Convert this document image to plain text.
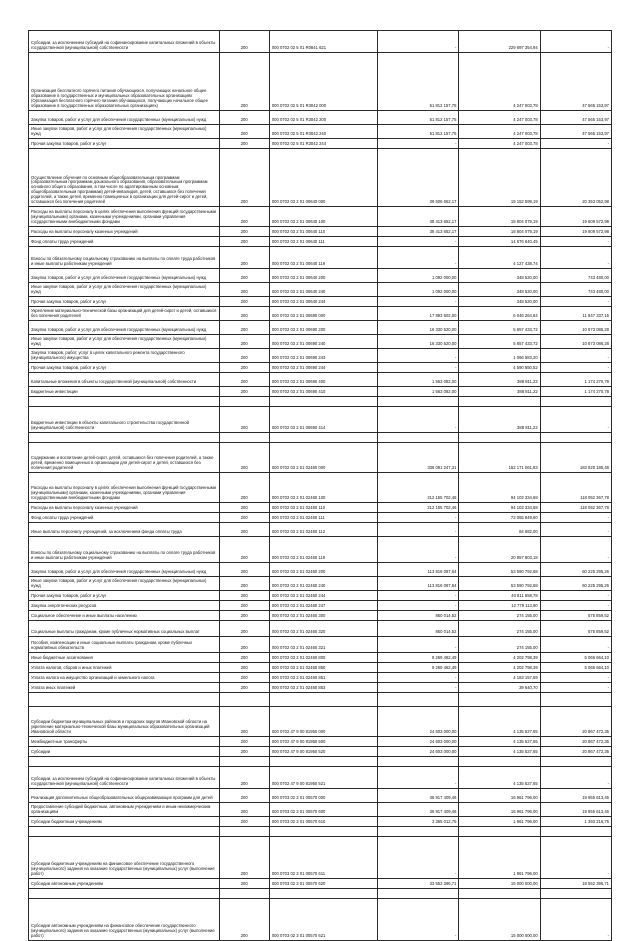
Субсидии, за исключением субсидий на софинансирование капитальных вложений в объекты государственной (муниципальной) собственности	200	000 0702 02 5 01 R0841 621	-	229 697 354,94	-
Организация бесплатного горячего питания обучающихся, получающих начальное общее образование в государственных и муниципальных образовательных организациях (Организация бесплатного горячего питания обучающихся, получающих начальное общее образование в государственных образовательных организациях)	200	000 0702 02 5 01 R3042 000	51 812 157,75	4 247 003,78	47 565 153,97
Закупка товаров, работ и услуг для обеспечения государственных (муниципальных) нужд	200	000 0702 02 5 01 R3042 200	51 812 157,75	4 247 003,78	47 565 153,97
Иные закупки товаров, работ и услуг для обеспечения государственных (муниципальных) нужд	200	000 0702 02 5 01 R3042 240	51 812 157,75	4 247 003,78	47 565 153,97
Прочая закупка товаров, работ и услуг	200	000 0702 02 5 01 R3042 244	-	4 247 003,78	-
Осуществление обучения по основным общеобразовательным программам (образовательным программам дошкольного образования, образовательным программам основного общего образования, в том числе по адаптированным основным общеобразовательным программам) детей-инвалидов, детей, оставшихся без попечения родителей, а также детей, временно помещенных в организации для детей-сирот и детей, оставшихся без попечения родителей	200	000 0702 03 2 01 00640 000	39 506 652,17	19 152 599,19	20 353 052,98
Расходы на выплаты персоналу в целях обеспечения выполнения функций государственными (муниципальными) органами, казенными учреждениями, органами управления государственными внебюджетными фондами	200	000 0702 03 2 01 00640 100	38 413 652,17	18 804 079,19	19 609 572,98
Расходы на выплаты персоналу казенных учреждений	200	000 0702 03 2 01 00640 110	38 413 652,17	18 804 079,19	19 609 572,98
Фонд оплаты труда учреждений	200	000 0702 03 2 01 00640 111	-	14 676 640,45	-
Взносы по обязательному социальному страхованию на выплаты по оплате труда работников и иные выплаты работникам учреждений	200	000 0702 03 2 01 00640 119	-	4 127 438,74	-
Закупка товаров, работ и услуг для обеспечения государственных (муниципальных) нужд	200	000 0702 03 2 01 00640 200	1 092 000,00	348 520,00	743 480,00
Иные закупки товаров, работ и услуг для обеспечения государственных (муниципальных) нужд	200	000 0702 03 2 01 00640 240	1 092 000,00	348 520,00	743 480,00
Прочая закупка товаров, работ и услуг	200	000 0702 03 2 01 00640 244	-	348 520,00	-
Укрепление материально-технической базы организаций для детей-сирот и детей, оставшихся без попечения родителей	200	000 0702 03 2 01 00690 000	17 893 602,00	6 046 264,84	11 847 337,16
Закупка товаров, работ и услуг для обеспечения государственных (муниципальных) нужд	200	000 0702 03 2 01 00690 200	16 330 520,00	5 657 433,72	10 673 086,28
Иные закупки товаров, работ и услуг для обеспечения государственных (муниципальных) нужд	200	000 0702 03 2 01 00690 240	16 330 520,00	5 657 433,72	10 673 086,28
Закупка товаров, работ, услуг в целях капитального ремонта государственного (муниципального) имущества	200	000 0702 03 2 01 00690 243	-	1 066 583,20	-
Прочая закупка товаров, работ и услуг	200	000 0702 03 2 01 00690 244	-	4 590 850,52	-
Капитальные вложения в объекты государственной (муниципальной) собственности	200	000 0702 03 2 01 00690 400	1 563 082,00	388 811,22	1 174 270,78
Бюджетные инвестиции	200	000 0702 03 2 01 00690 410	1 563 082,00	388 811,22	1 174 270,78

Бюджетные инвестиции в объекты капитального строительства государственной (муниципальной) собственности	200	000 0702 03 2 01 00690 414	-	388 811,22	-

Содержание и воспитание детей-сирот, детей, оставшихся без попечения родителей, а также детей, временно помещенных в организации для детей-сирот и детей, оставшихся без попечения родителей	200	000 0702 03 2 01 02460 000	336 091 247,31	152 171 061,83	183 920 185,48
Расходы на выплаты персоналу в целях обеспечения выполнения функций государственными (муниципальными) органами, казенными учреждениями, органами управления государственными внебюджетными фондами	200	000 0702 03 2 01 02460 100	212 155 702,46	94 103 334,68	118 052 367,78
Расходы на выплаты персоналу казенных учреждений	200	000 0702 03 2 01 02460 110	212 155 702,46	94 103 334,68	118 052 367,78
Фонд оплаты труда учреждений	200	000 0702 03 2 01 02460 111	-	73 065 849,60	-
Иные выплаты персоналу учреждений, за исключением фонда оплаты труда	200	000 0702 03 2 01 02460 112	-	84 682,00	-
Взносы по обязательному социальному страхованию на выплаты по оплате труда работников и иные выплаты работникам учреждений	200	000 0702 03 2 01 02460 119	-	20 957 803,18	-
Закупка товаров, работ и услуг для обеспечения государственных (муниципальных) нужд	200	000 0702 03 2 01 02460 200	113 816 087,64	53 590 792,68	60 225 295,26
Иные закупки товаров, работ и услуг для обеспечения государственных (муниципальных) нужд	200	000 0702 03 2 01 02460 240	113 816 087,64	53 590 792,68	60 225 295,26
Прочая закупка товаров, работ и услуг	200	000 0702 03 2 01 02460 244	-	40 811 658,78	-
Закупка энергетических ресурсов	200	000 0702 03 2 01 02460 247	-	12 779 113,90	-
Социальное обеспечение и иные выплаты населению	200	000 0702 03 2 01 02460 300	850 014,52	274 155,00	575 859,52
Социальные выплаты гражданам, кроме публичных нормативных социальных выплат	200	000 0702 03 2 01 02460 320	850 014,52	274 155,00	575 859,52
Пособия, компенсации и иные социальные выплаты гражданам, кроме публичных нормативных обязательств	200	000 0702 03 2 01 02460 321	-	274 155,00	-
Иные бюджетные ассигнования	200	000 0702 03 2 01 02460 800	9 269 462,49	4 202 798,39	5 066 664,10
Уплата налогов, сборов и иных платежей	200	000 0702 03 2 01 02460 850	9 269 462,49	4 202 798,39	5 066 664,10
Уплата налога на имущество организаций и земельного налога	200	000 0702 03 2 01 02460 851	-	4 163 157,69	-
Уплата иных платежей	200	000 0702 03 2 01 02460 853	-	39 640,70	-

Субсидии бюджетам муниципальных районов и городских округов Ивановской области на укрепление материально-технической базы муниципальных образовательных организаций Ивановской области	200	000 0702 47 9 00 81950 000	24 603 000,00	4 135 527,65	20 867 472,35
Межбюджетные трансферты	200	000 0702 47 9 00 81950 500	24 603 000,00	4 135 527,65	20 867 472,35
Субсидии	200	000 0702 47 9 00 81950 520	24 603 000,00	4 135 527,65	20 867 472,35

Субсидии, за исключением субсидий на софинансирование капитальных вложений в объекты государственной (муниципальной) собственности	200	000 0702 47 9 00 81950 521	-	4 135 527,65	-
Реализация дополнительных общеобразовательных общеразвивающих программ для детей	200	000 0703 02 3 01 00570 000	36 917 409,46	16 961 796,00	19 955 613,46
Предоставление субсидий бюджетным, автономным учреждениям и иным некоммерческим организациям	200	000 0703 02 3 01 00570 600	36 917 409,46	16 961 796,00	19 955 613,46
Субсидии бюджетным учреждениям	200	000 0703 02 3 01 00570 610	3 365 012,75	1 961 796,00	1 393 216,75

Субсидии бюджетным учреждениям на финансовое обеспечение государственного (муниципального) задания на оказание государственных (муниципальных) услуг (выполнение работ)	200	000 0703 02 3 01 00570 611	-	1 961 796,00	-
Субсидии автономным учреждениям	200	000 0703 02 3 01 00570 620	33 552 396,71	15 000 000,00	18 552 396,71

Субсидии автономным учреждениям на финансовое обеспечение государственного (муниципального) задания на оказание государственных (муниципальных) услуг (выполнение работ)	200	000 0703 02 3 01 00570 621	-	15 000 000,00	-
